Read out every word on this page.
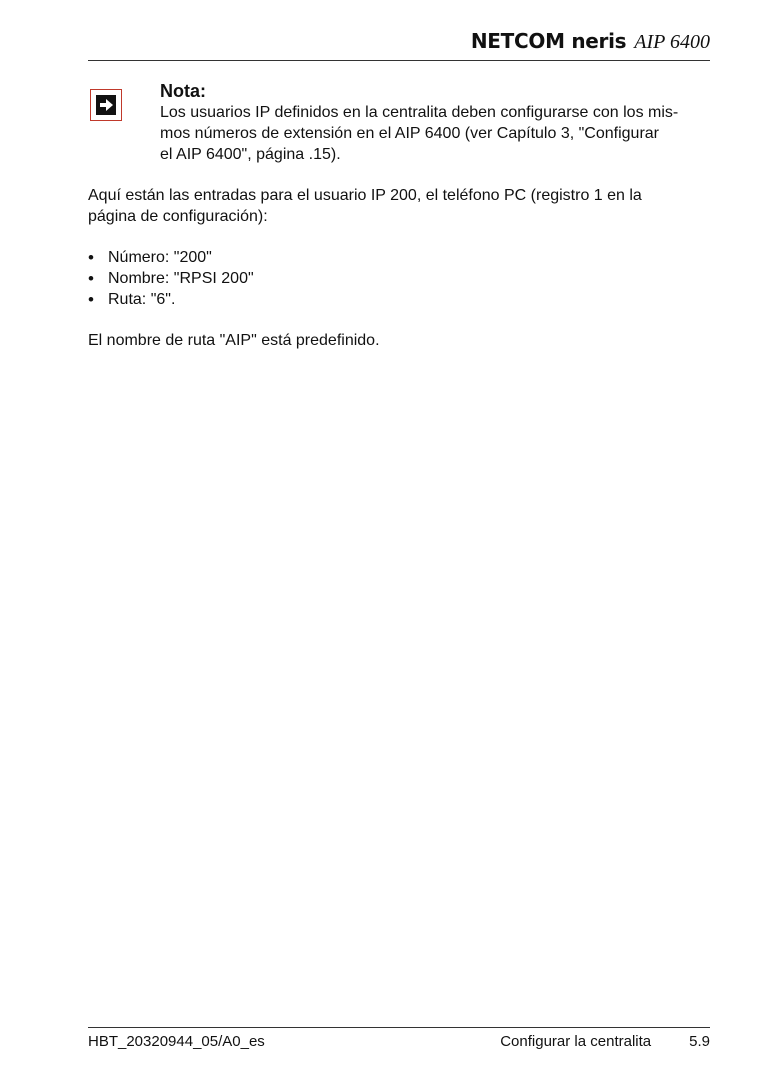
NETCOM neris AIP 6400
Nota:
Los usuarios IP definidos en la centralita deben configurarse con los mis-
mos números de extensión en el AIP 6400 (ver Capítulo 3, "Configurar
el AIP 6400", página .15).
Aquí están las entradas para el usuario IP 200, el teléfono PC (registro 1 en la
página de configuración):
• Número: "200"
• Nombre: "RPSI 200"
• Ruta: "6".
El nombre de ruta "AIP" está predefinido.
HBT_20320944_05/A0_es	Configurar la centralita	5.9
